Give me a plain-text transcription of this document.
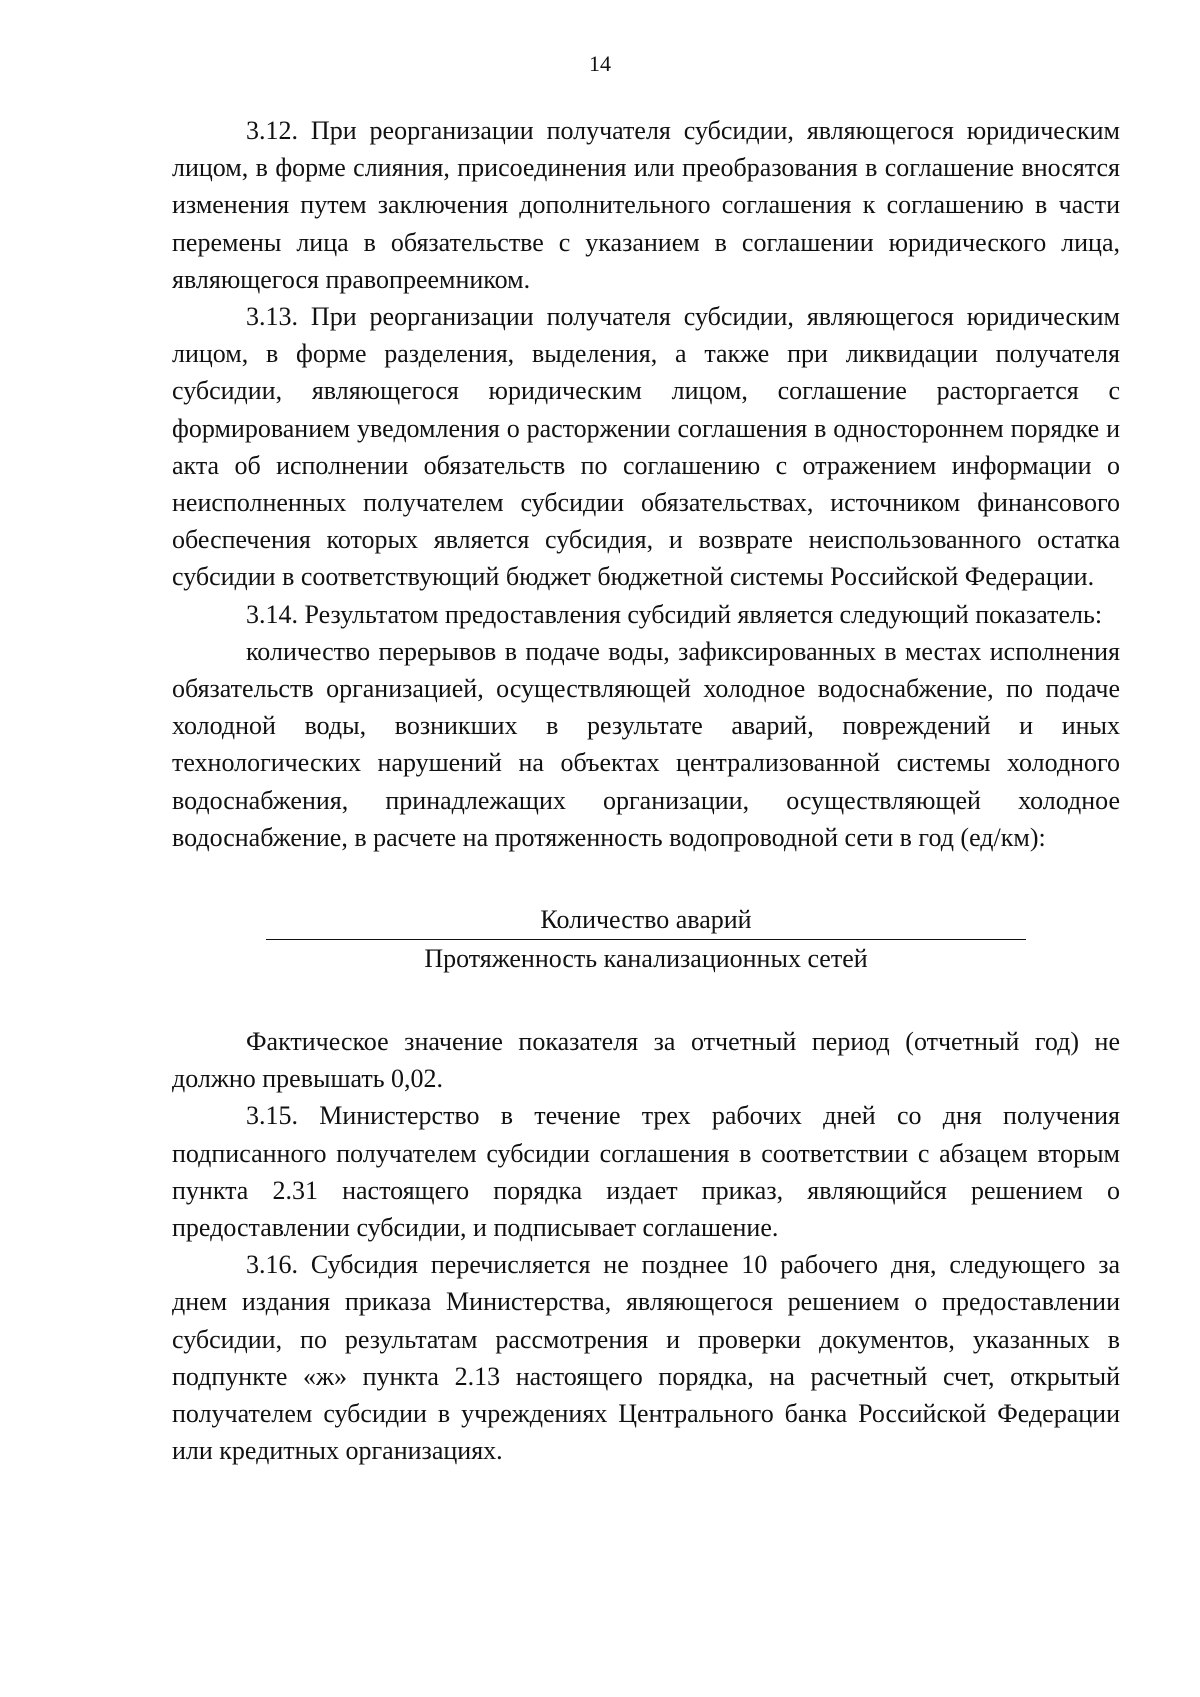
14

3.12. При реорганизации получателя субсидии, являющегося юридическим лицом, в форме слияния, присоединения или преобразования в соглашение вносятся изменения путем заключения дополнительного соглашения к соглашению в части перемены лица в обязательстве с указанием в соглашении юридического лица, являющегося правопреемником.

3.13. При реорганизации получателя субсидии, являющегося юридическим лицом, в форме разделения, выделения, а также при ликвидации получателя субсидии, являющегося юридическим лицом, соглашение расторгается с формированием уведомления о расторжении соглашения в одностороннем порядке и акта об исполнении обязательств по соглашению с отражением информации о неисполненных получателем субсидии обязательствах, источником финансового обеспечения которых является субсидия, и возврате неиспользованного остатка субсидии в соответствующий бюджет бюджетной системы Российской Федерации.

3.14. Результатом предоставления субсидий является следующий показатель:

количество перерывов в подаче воды, зафиксированных в местах исполнения обязательств организацией, осуществляющей холодное водоснабжение, по подаче холодной воды, возникших в результате аварий, повреждений и иных технологических нарушений на объектах централизованной системы холодного водоснабжения, принадлежащих организации, осуществляющей холодное водоснабжение, в расчете на протяженность водопроводной сети в год (ед/км):

Количество аварий
Протяженность канализационных сетей

Фактическое значение показателя за отчетный период (отчетный год) не должно превышать 0,02.

3.15. Министерство в течение трех рабочих дней со дня получения подписанного получателем субсидии соглашения в соответствии с абзацем вторым пункта 2.31 настоящего порядка издает приказ, являющийся решением о предоставлении субсидии, и подписывает соглашение.

3.16. Субсидия перечисляется не позднее 10 рабочего дня, следующего за днем издания приказа Министерства, являющегося решением о предоставлении субсидии, по результатам рассмотрения и проверки документов, указанных в подпункте «ж» пункта 2.13 настоящего порядка, на расчетный счет, открытый получателем субсидии в учреждениях Центрального банка Российской Федерации или кредитных организациях.
